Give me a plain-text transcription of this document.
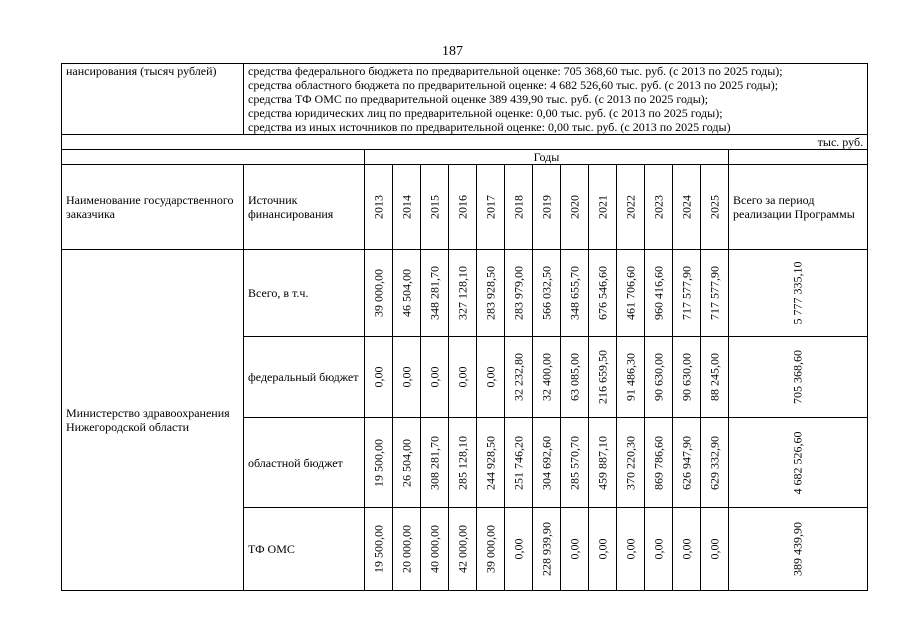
187
нансирования (тысяч рублей)	средства федерального бюджета по предварительной оценке: 705 368,60 тыс. руб. (с 2013 по 2025 годы);
средства областного бюджета по предварительной оценке: 4 682 526,60 тыс. руб. (с 2013 по 2025 годы);
средства ТФ ОМС по предварительной оценке 389 439,90 тыс. руб. (с 2013 по 2025 годы);
средства юридических лиц по предварительной оценке: 0,00 тыс. руб. (с 2013 по 2025 годы);
средства из иных источников по предварительной оценке: 0,00 тыс. руб. (с 2013 по 2025 годы)														

тыс. руб.															
		Годы													
Наименование государственного заказчика	Источник финансирования	2013	2014	2015	2016	2017	2018	2019	2020	2021	2022	2023	2024	2025	Всего за период реализации Программы
Министерство здравоохранения Нижегородской области	Всего, в т.ч.	39 000,00	46 504,00	348 281,70	327 128,10	283 928,50	283 979,00	566 032,50	348 655,70	676 546,60	461 706,60	960 416,60	717 577,90	717 577,90	5 777 335,10

	федеральный бюджет	0,00	0,00	0,00	0,00	0,00	32 232,80	32 400,00	63 085,00	216 659,50	91 486,30	90 630,00	90 630,00	88 245,00	705 368,60

	областной бюджет	19 500,00	26 504,00	308 281,70	285 128,10	244 928,50	251 746,20	304 692,60	285 570,70	459 887,10	370 220,30	869 786,60	626 947,90	629 332,90	4 682 526,60

	ТФ ОМС	19 500,00	20 000,00	40 000,00	42 000,00	39 000,00	0,00	228 939,90	0,00	0,00	0,00	0,00	0,00	0,00	389 439,90
